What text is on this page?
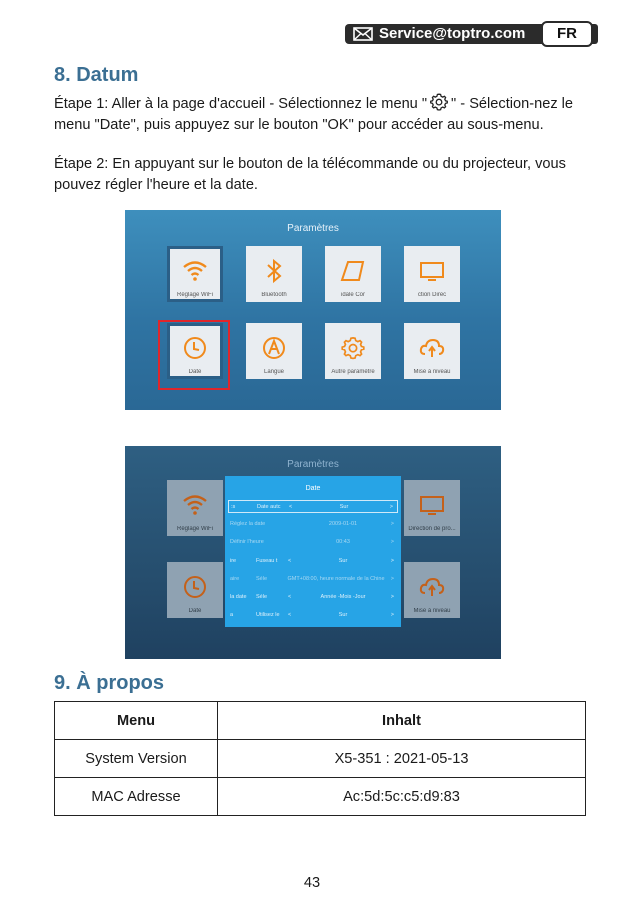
Service@toptro.com	FR
8. Datum
Étape 1: Aller à la page d'accueil - Sélectionnez le menu " " - Sélection-nez le menu "Date", puis appuyez sur le bouton "OK" pour accéder au sous-menu.
Étape 2: En appuyant sur le bouton de la télécommande ou du projecteur, vous pouvez régler l'heure et la date.
Paramètres
Réglage WiFi	Bluetooth	idale Cor	ction Direc
Date	Langue	Autre paramètre	Mise à niveau
Paramètres
Réglage WiFi	Direction de pro...
Date	Mise à niveau
Date
:s	Date autc	<	Sur	>
Réglez la date	2009-01-01	>
Définir l'heure	00:43	>
ire	Fuseau t	<	Sur	>
aire	Séle	GMT+08:00, heure normale de la Chine	>
la date	Séle	<	Année -Mois -Jour	>
a	Utilisez le	<	Sur	>
9. À propos
Menu	Inhalt
System Version	X5-351 : 2021-05-13
MAC Adresse	Ac:5d:5c:c5:d9:83
43
